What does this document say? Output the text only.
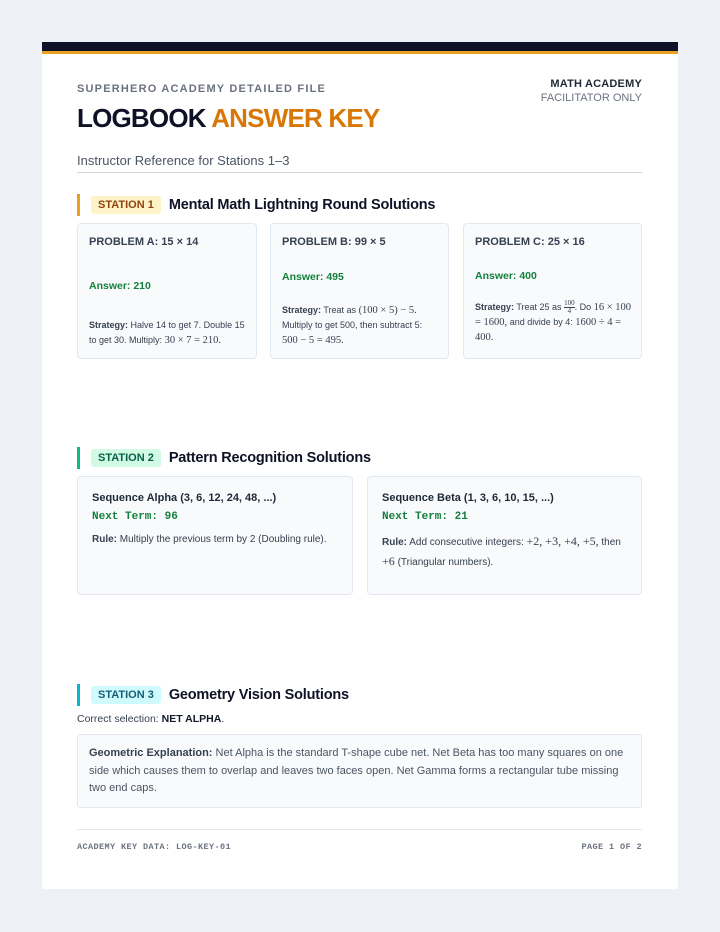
SUPERHERO ACADEMY DETAILED FILE
LOGBOOK ANSWER KEY
Instructor Reference for Stations 1–3
MATH ACADEMY
FACILITATOR ONLY
STATION 1	Mental Math Lightning Round Solutions
PROBLEM A: 15 × 14
Answer: 210
Strategy: Halve 14 to get 7. Double 15 to get 30. Multiply: 30 × 7 = 210.
PROBLEM B: 99 × 5
Answer: 495
Strategy: Treat as (100 × 5) − 5. Multiply to get 500, then subtract 5: 500 − 5 = 495.
PROBLEM C: 25 × 16
Answer: 400
Strategy: Treat 25 as $\frac{100}{4}$ . Do 16 × 100 = 1600, and divide by 4: 1600 ÷ 4 = 400.
STATION 2	Pattern Recognition Solutions
Sequence Alpha (3, 6, 12, 24, 48, ...)
Next Term: 96
Rule: Multiply the previous term by 2 (Doubling rule).
Sequence Beta (1, 3, 6, 10, 15, ...)
Next Term: 21
Rule: Add consecutive integers: +2, +3, +4, +5, then +6 (Triangular numbers).
STATION 3	Geometry Vision Solutions
Correct selection: NET ALPHA.
Geometric Explanation: Net Alpha is the standard T-shape cube net. Net Beta has too many squares on one side which causes them to overlap and leaves two faces open. Net Gamma forms a rectangular tube missing two end caps.
ACADEMY KEY DATA: LOG-KEY-01	PAGE 1 OF 2
